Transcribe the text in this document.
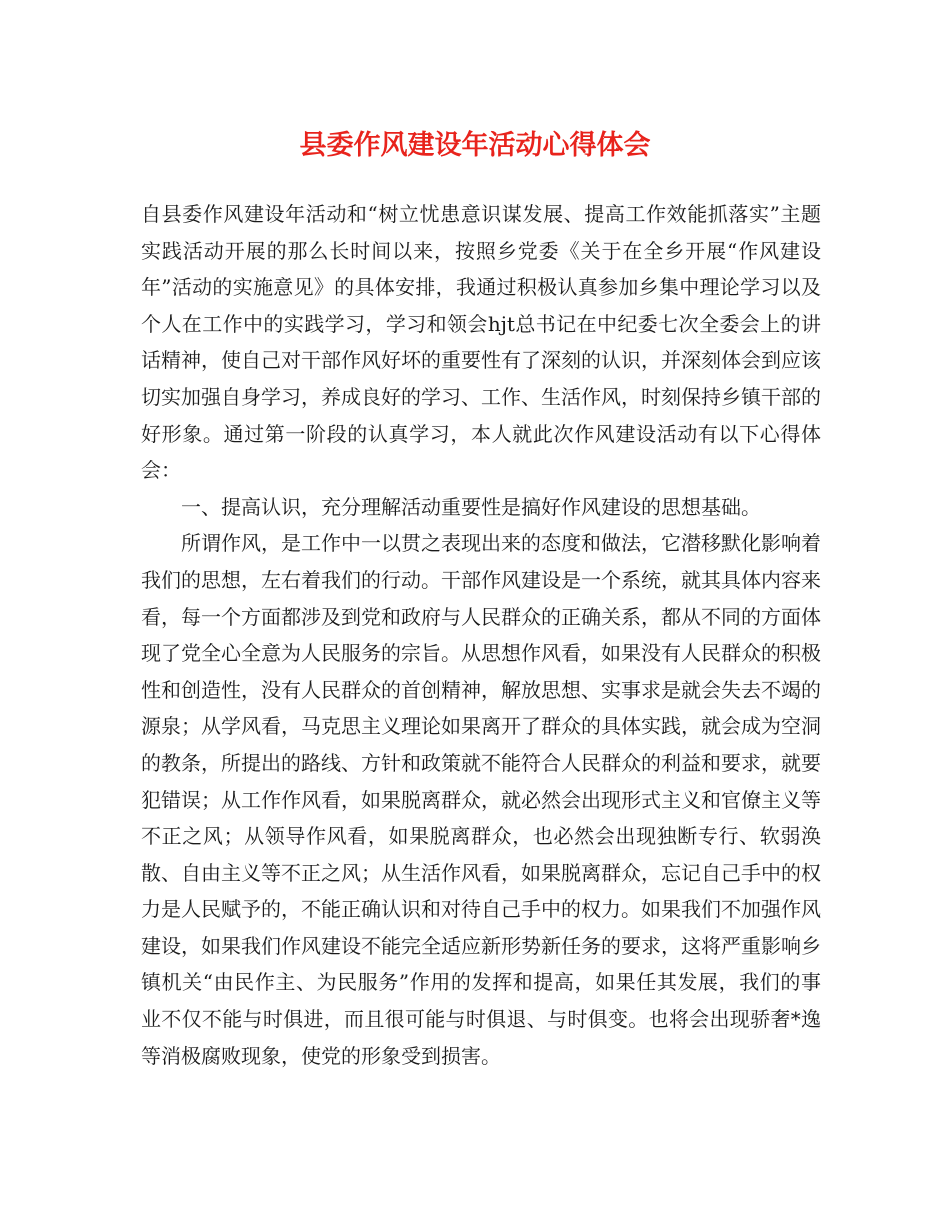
县委作风建设年活动心得体会

自县委作风建设年活动和“树立忧患意识谋发展、提高工作效能抓落实”主题实践活动开展的那么长时间以来，按照乡党委《关于在全乡开展“作风建设年”活动的实施意见》的具体安排，我通过积极认真参加乡集中理论学习以及个人在工作中的实践学习，学习和领会hjt总书记在中纪委七次全委会上的讲话精神，使自己对干部作风好坏的重要性有了深刻的认识，并深刻体会到应该切实加强自身学习，养成良好的学习、工作、生活作风，时刻保持乡镇干部的好形象。通过第一阶段的认真学习，本人就此次作风建设活动有以下心得体会：

一、提高认识，充分理解活动重要性是搞好作风建设的思想基础。

所谓作风，是工作中一以贯之表现出来的态度和做法，它潜移默化影响着我们的思想，左右着我们的行动。干部作风建设是一个系统，就其具体内容来看，每一个方面都涉及到党和政府与人民群众的正确关系，都从不同的方面体现了党全心全意为人民服务的宗旨。从思想作风看，如果没有人民群众的积极性和创造性，没有人民群众的首创精神，解放思想、实事求是就会失去不竭的源泉；从学风看，马克思主义理论如果离开了群众的具体实践，就会成为空洞的教条，所提出的路线、方针和政策就不能符合人民群众的利益和要求，就要犯错误；从工作作风看，如果脱离群众，就必然会出现形式主义和官僚主义等不正之风；从领导作风看，如果脱离群众，也必然会出现独断专行、软弱涣散、自由主义等不正之风；从生活作风看，如果脱离群众，忘记自己手中的权力是人民赋予的，不能正确认识和对待自己手中的权力。如果我们不加强作风建设，如果我们作风建设不能完全适应新形势新任务的要求，这将严重影响乡镇机关“由民作主、为民服务”作用的发挥和提高，如果任其发展，我们的事业不仅不能与时俱进，而且很可能与时俱退、与时俱变。也将会出现骄奢*逸等消极腐败现象，使党的形象受到损害。
